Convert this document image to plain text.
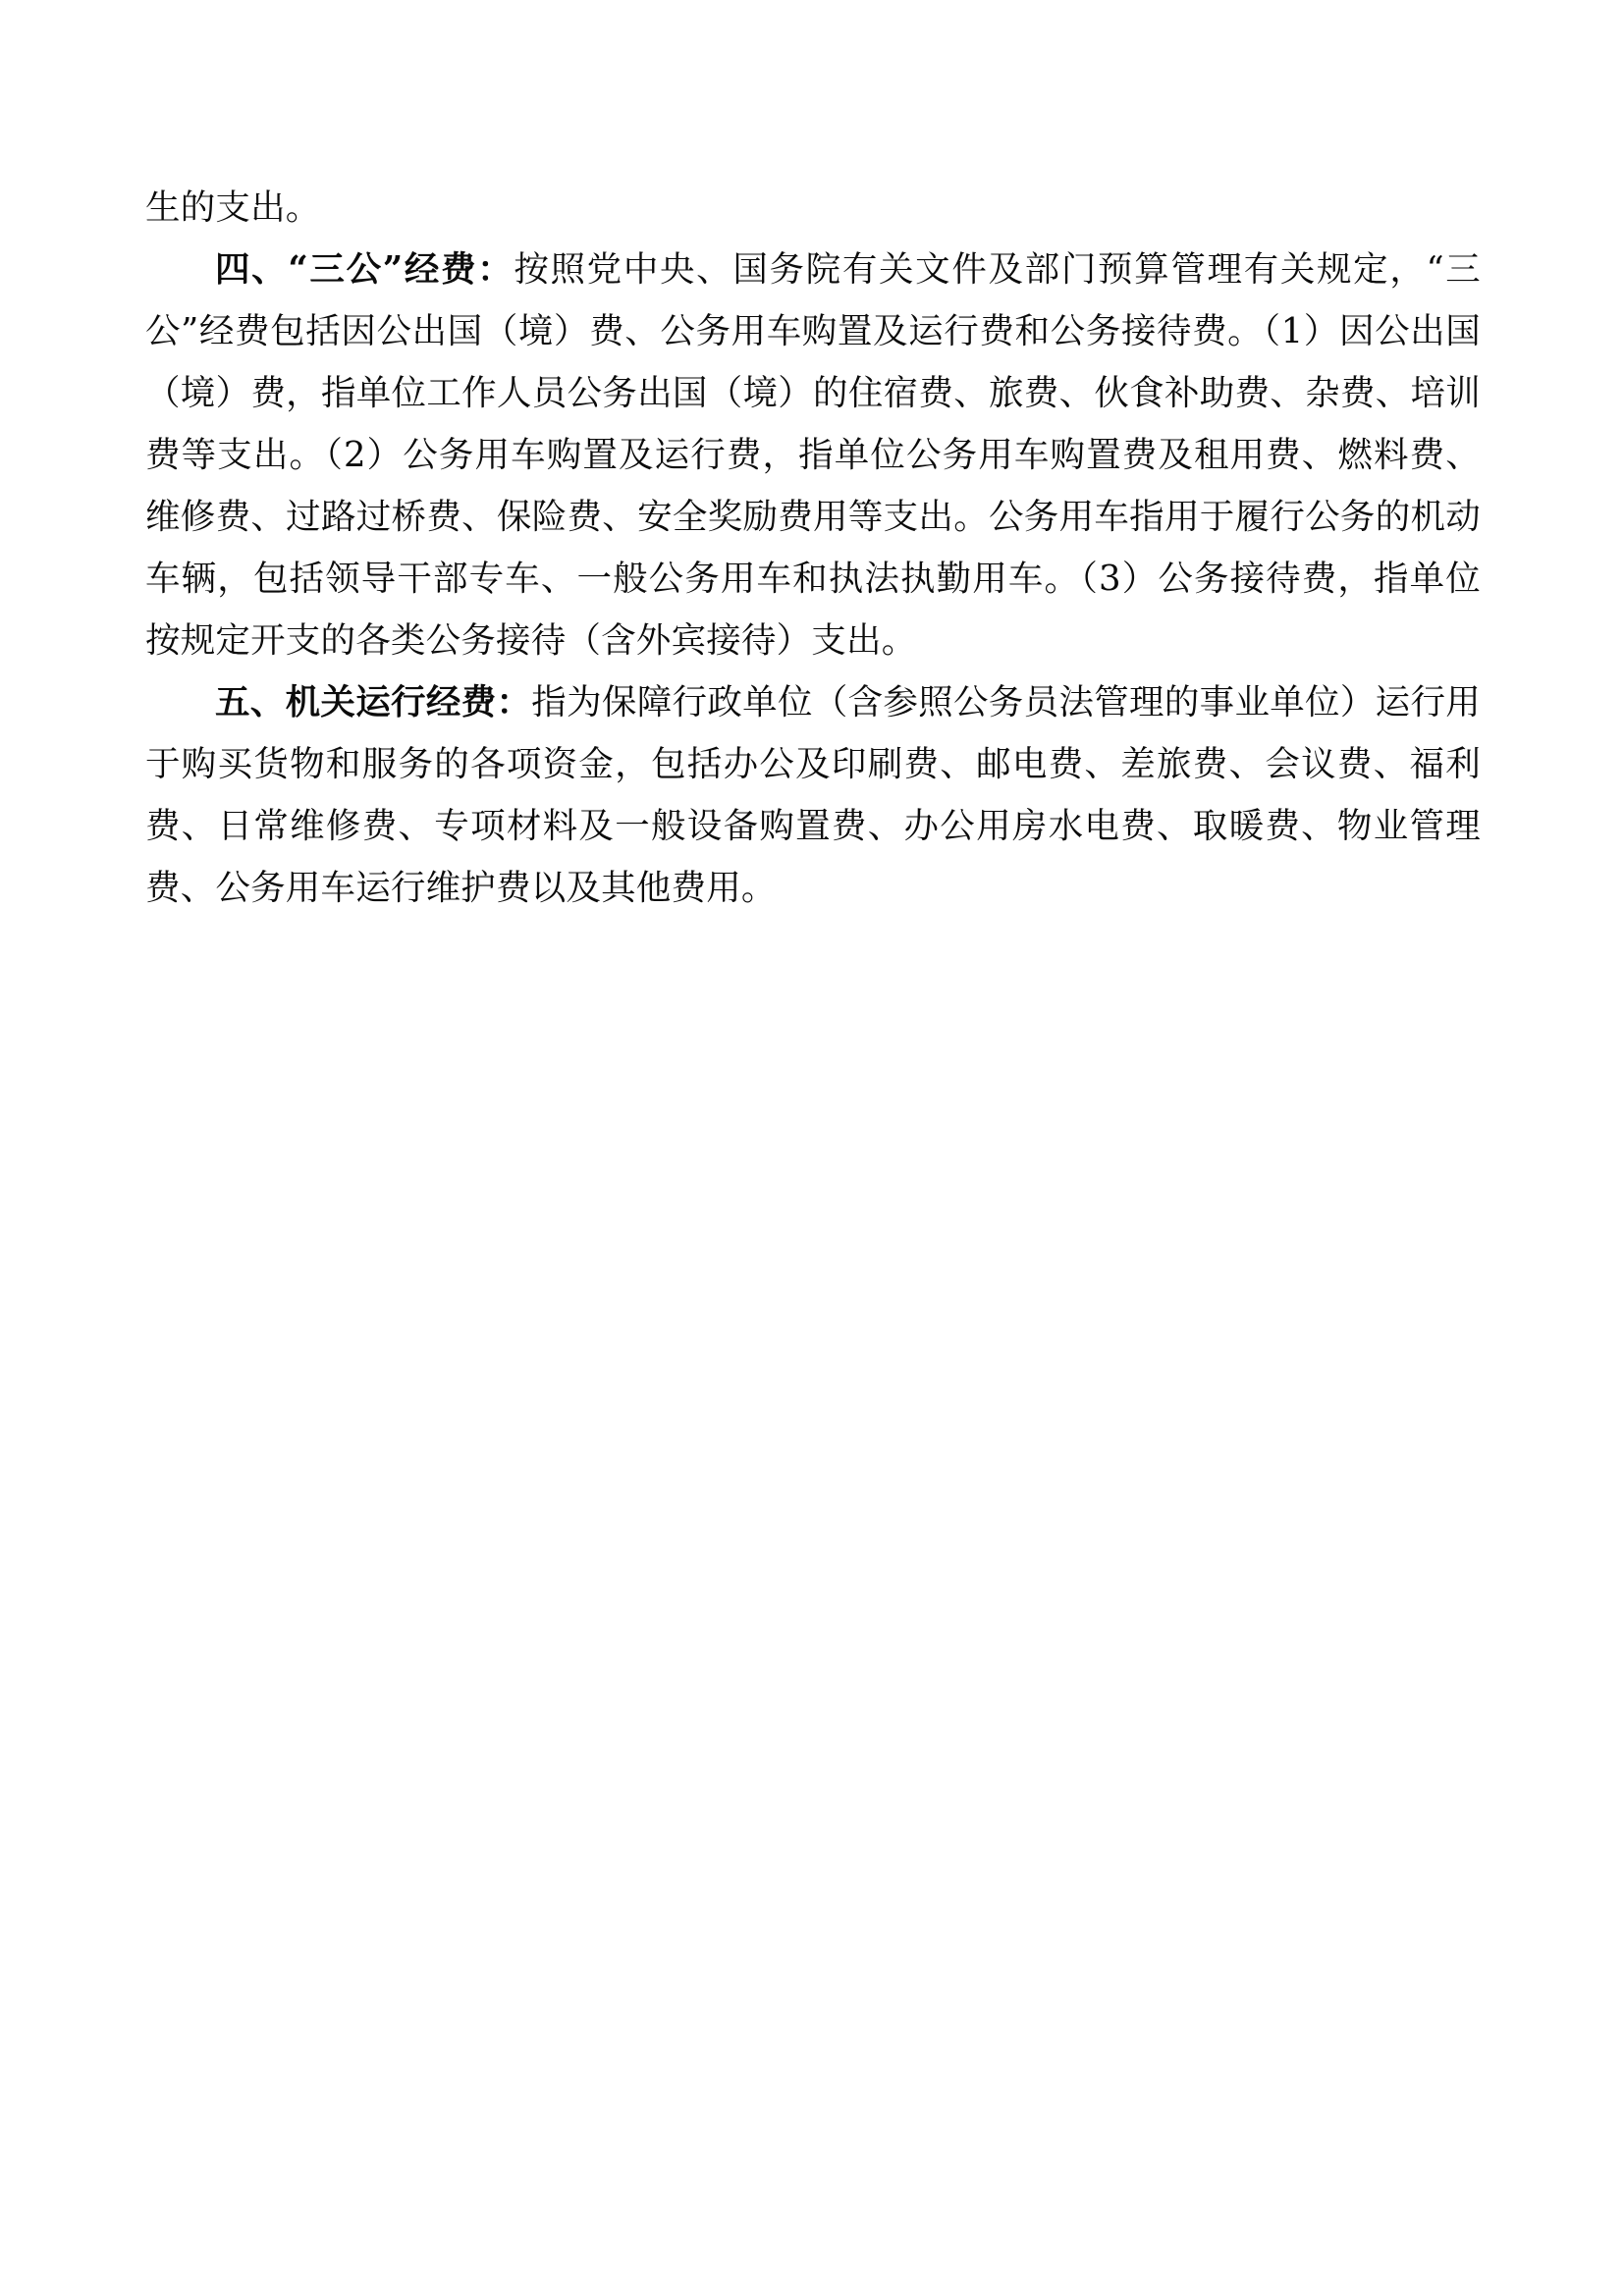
生的支出。

四、“三公”经费：按照党中央、国务院有关文件及部门预算管理有关规定，“三公”经费包括因公出国（境）费、公务用车购置及运行费和公务接待费。（1）因公出国（境）费，指单位工作人员公务出国（境）的住宿费、旅费、伙食补助费、杂费、培训费等支出。（2）公务用车购置及运行费，指单位公务用车购置费及租用费、燃料费、维修费、过路过桥费、保险费、安全奖励费用等支出。公务用车指用于履行公务的机动车辆，包括领导干部专车、一般公务用车和执法执勤用车。（3）公务接待费，指单位按规定开支的各类公务接待（含外宾接待）支出。

五、机关运行经费：指为保障行政单位（含参照公务员法管理的事业单位）运行用于购买货物和服务的各项资金，包括办公及印刷费、邮电费、差旅费、会议费、福利费、日常维修费、专项材料及一般设备购置费、办公用房水电费、取暖费、物业管理费、公务用车运行维护费以及其他费用。
